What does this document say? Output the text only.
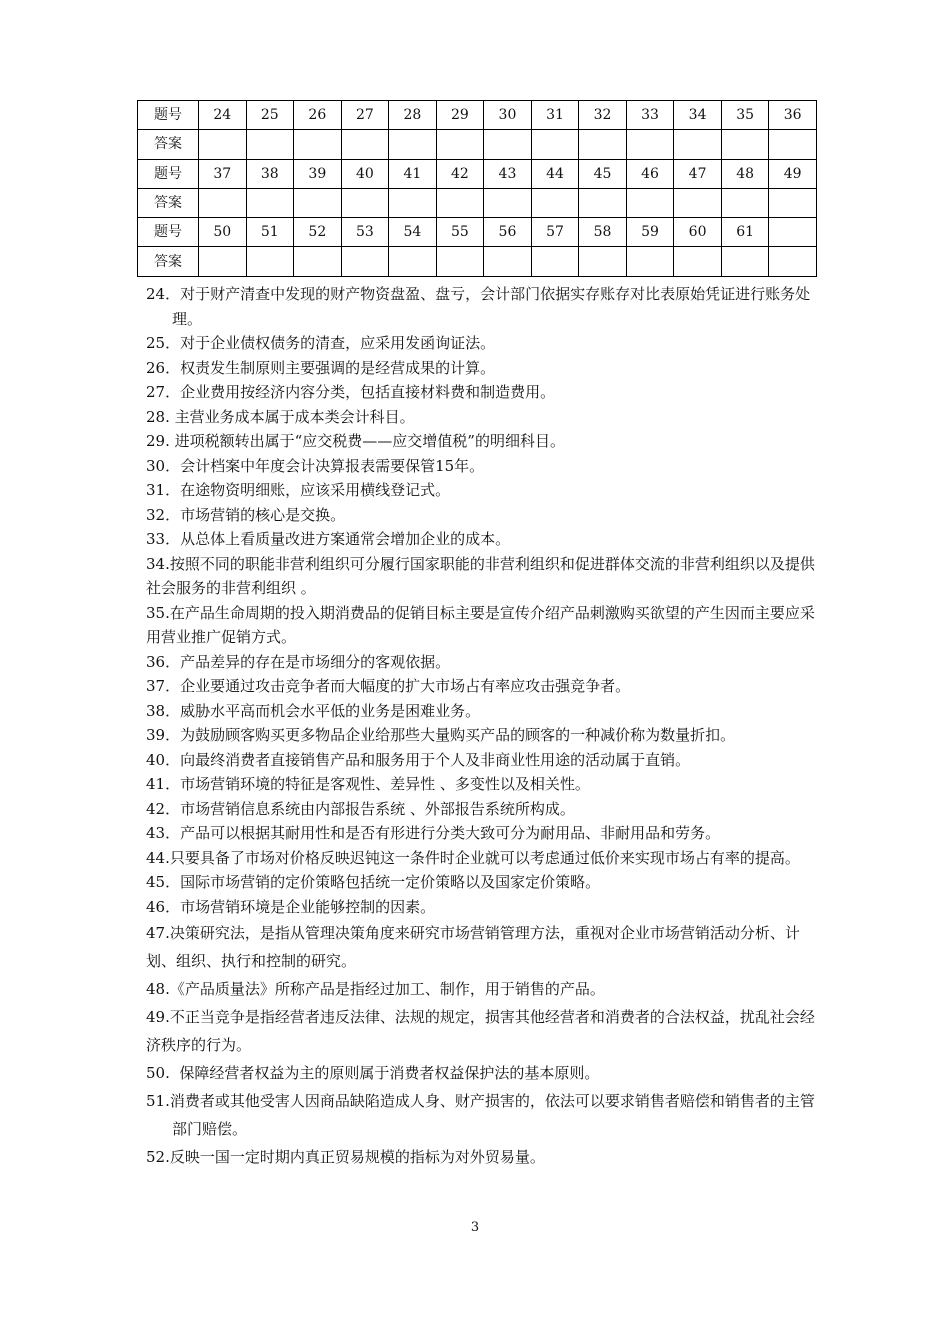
题号	24	25	26	27	28	29	30	31	32	33	34	35	36
答案													
题号	37	38	39	40	41	42	43	44	45	46	47	48	49
答案													
题号	50	51	52	53	54	55	56	57	58	59	60	61	
答案													
24．对于财产清查中发现的财产物资盘盈、盘亏，会计部门依据实存账存对比表原始凭证进行账务处理。
25．对于企业债权债务的清查，应采用发函询证法。
26．权责发生制原则主要强调的是经营成果的计算。
27．企业费用按经济内容分类，包括直接材料费和制造费用。
28. 主营业务成本属于成本类会计科目。
29. 进项税额转出属于“应交税费——应交增值税”的明细科目。
30．会计档案中年度会计决算报表需要保管15年。
31．在途物资明细账，应该采用横线登记式。
32．市场营销的核心是交换。
33．从总体上看质量改进方案通常会增加企业的成本。
34.按照不同的职能非营利组织可分履行国家职能的非营利组织和促进群体交流的非营利组织以及提供社会服务的非营利组织 。
35.在产品生命周期的投入期消费品的促销目标主要是宣传介绍产品刺激购买欲望的产生因而主要应采用营业推广促销方式。
36．产品差异的存在是市场细分的客观依据。
37．企业要通过攻击竞争者而大幅度的扩大市场占有率应攻击强竞争者。
38．威胁水平高而机会水平低的业务是困难业务。
39．为鼓励顾客购买更多物品企业给那些大量购买产品的顾客的一种减价称为数量折扣。
40．向最终消费者直接销售产品和服务用于个人及非商业性用途的活动属于直销。
41．市场营销环境的特征是客观性、差异性 、多变性以及相关性。
42．市场营销信息系统由内部报告系统 、外部报告系统所构成。
43．产品可以根据其耐用性和是否有形进行分类大致可分为耐用品、非耐用品和劳务。
44.只要具备了市场对价格反映迟钝这一条件时企业就可以考虑通过低价来实现市场占有率的提高。
45．国际市场营销的定价策略包括统一定价策略以及国家定价策略。
46．市场营销环境是企业能够控制的因素。
47.决策研究法，是指从管理决策角度来研究市场营销管理方法，重视对企业市场营销活动分析、计划、组织、执行和控制的研究。
48.《产品质量法》所称产品是指经过加工、制作，用于销售的产品。
49.不正当竞争是指经营者违反法律、法规的规定，损害其他经营者和消费者的合法权益，扰乱社会经济秩序的行为。
50.  保障经营者权益为主的原则属于消费者权益保护法的基本原则。
51.消费者或其他受害人因商品缺陷造成人身、财产损害的，依法可以要求销售者赔偿和销售者的主管部门赔偿。
52.反映一国一定时期内真正贸易规模的指标为对外贸易量。
3
